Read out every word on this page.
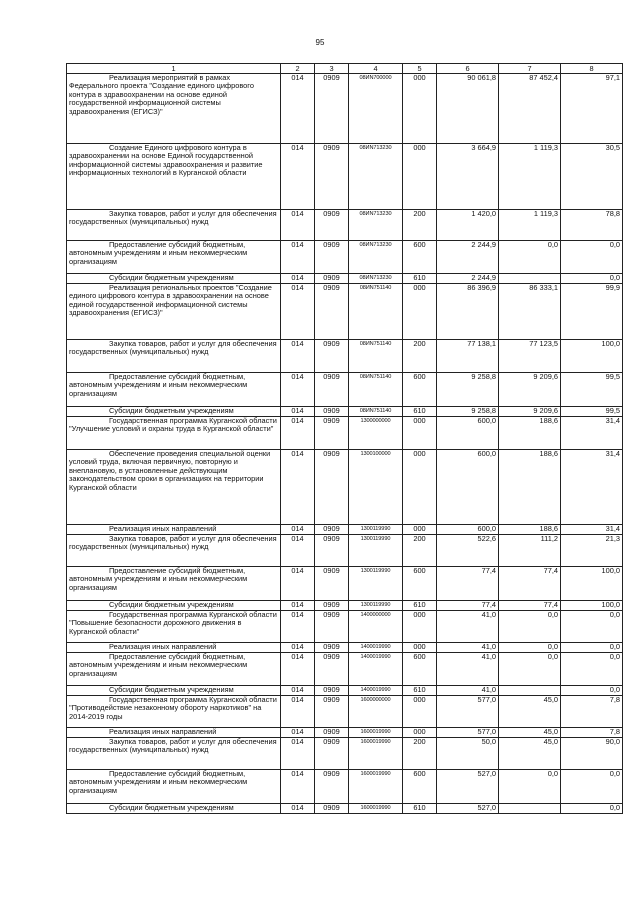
95
1	2	3	4	5	6	7	8
Реализация мероприятий в рамках Федерального проекта "Создание единого цифрового контура в здравоохранении на основе единой государственной информационной системы здравоохранения (ЕГИСЗ)"	014	0909	08ИN700000	000	90 061,8	87 452,4	97,1
Создание Единого цифрового контура в здравоохранении на основе Единой государственной информационной системы здравоохранения и развитие информационных технологий в Курганской области	014	0909	08ИN713230	000	3 664,9	1 119,3	30,5
Закупка товаров, работ и услуг для обеспечения государственных (муниципальных) нужд	014	0909	08ИN713230	200	1 420,0	1 119,3	78,8
Предоставление субсидий бюджетным, автономным учреждениям и иным некоммерческим организациям	014	0909	08ИN713230	600	2 244,9	0,0	0,0
Субсидии бюджетным учреждениям	014	0909	08ИN713230	610	2 244,9		0,0
Реализация региональных проектов "Создание единого цифрового контура в здравоохранении на основе единой государственной информационной системы здравоохранения (ЕГИСЗ)"	014	0909	08ИN751140	000	86 396,9	86 333,1	99,9
Закупка товаров, работ и услуг для обеспечения государственных (муниципальных) нужд	014	0909	08ИN751140	200	77 138,1	77 123,5	100,0
Предоставление субсидий бюджетным, автономным учреждениям и иным некоммерческим организациям	014	0909	08ИN751140	600	9 258,8	9 209,6	99,5
Субсидии бюджетным учреждениям	014	0909	08ИN751140	610	9 258,8	9 209,6	99,5
Государственная программа Курганской области "Улучшение условий и охраны труда в Курганской области"	014	0909	1300000000	000	600,0	188,6	31,4
Обеспечение проведения специальной оценки условий труда, включая первичную, повторную и внеплановую, в установленные действующим законодательством сроки в организациях на территории Курганской области	014	0909	1300100000	000	600,0	188,6	31,4
Реализация иных направлений	014	0909	1300119990	000	600,0	188,6	31,4
Закупка товаров, работ и услуг для обеспечения государственных (муниципальных) нужд	014	0909	1300119990	200	522,6	111,2	21,3
Предоставление субсидий бюджетным, автономным учреждениям и иным некоммерческим организациям	014	0909	1300119990	600	77,4	77,4	100,0
Субсидии бюджетным учреждениям	014	0909	1300119990	610	77,4	77,4	100,0
Государственная программа Курганской области "Повышение безопасности дорожного движения в Курганской области"	014	0909	1400000000	000	41,0	0,0	0,0
Реализация иных направлений	014	0909	1400019990	000	41,0	0,0	0,0
Предоставление субсидий бюджетным, автономным учреждениям и иным некоммерческим организациям	014	0909	1400019990	600	41,0	0,0	0,0
Субсидии бюджетным учреждениям	014	0909	1400019990	610	41,0		0,0
Государственная программа Курганской области "Противодействие незаконному обороту наркотиков" на 2014-2019 годы	014	0909	1600000000	000	577,0	45,0	7,8
Реализация иных направлений	014	0909	1600019990	000	577,0	45,0	7,8
Закупка товаров, работ и услуг для обеспечения государственных (муниципальных) нужд	014	0909	1600019990	200	50,0	45,0	90,0
Предоставление субсидий бюджетным, автономным учреждениям и иным некоммерческим организациям	014	0909	1600019990	600	527,0	0,0	0,0
Субсидии бюджетным учреждениям	014	0909	1600019990	610	527,0		0,0
